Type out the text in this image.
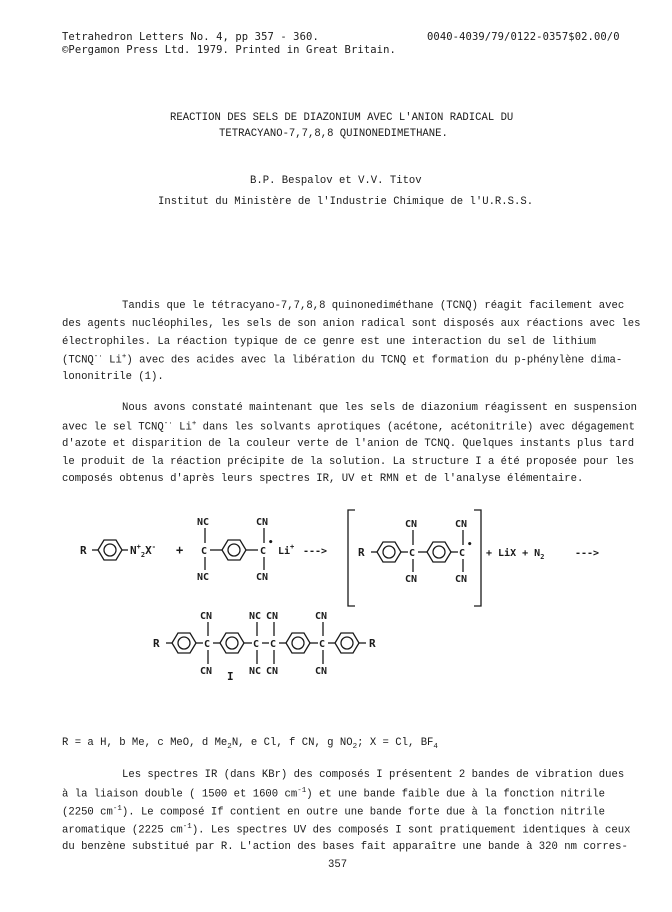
Tetrahedron Letters No. 4, pp 357 - 360.	0040-4039/79/0122-0357$02.00/0
©Pergamon Press Ltd. 1979. Printed in Great Britain.
REACTION DES SELS DE DIAZONIUM AVEC L'ANION RADICAL DU
TETRACYANO-7,7,8,8 QUINONEDIMETHANE.
B.P. Bespalov et V.V. Titov
Institut du Ministère de l'Industrie Chimique de l'U.R.S.S.
Tandis que le tétracyano-7,7,8,8 quinonediméthane (TCNQ) réagit facilement avec
des agents nucléophiles, les sels de son anion radical sont disposés aux réactions avec les
électrophiles. La réaction typique de ce genre est une interaction du sel de lithium
(TCNQ-· Li+) avec des acides avec la libération du TCNQ et formation du p-phénylène dima-
lononitrile (1).
Nous avons constaté maintenant que les sels de diazonium réagissent en suspension
avec le sel TCNQ-· Li+ dans les solvants aprotiques (acétone, acétonitrile) avec dégagement
d'azote et disparition de la couleur verte de l'anion de TCNQ. Quelques instants plus tard
le produit de la réaction précipite de la solution. La structure I a été proposée pour les
composés obtenus d'après leurs spectres IR, UV et RMN et de l'analyse élémentaire.
R	$N^+_2X^-$ +
NC
C
NC
CN
C
•
CN
Li+ --->	R
CN
C
CN
CN
C
•
CN
+ LiX + $N_2$	--->
R
CN
C
CN
NC
C
NC
CN
C
CN
CN
C
CN
R
I
R = a H, b Me, c MeO, d $Me_2N$, e Cl, f CN, g $NO_2$; X = Cl, $BF_4$
Les spectres IR (dans KBr) des composés I présentent 2 bandes de vibration dues
à la liaison double ( 1500 et 1600 $cm^{-1}$) et une bande faible due à la fonction nitrile
(2250 $cm^{-1}$). Le composé If contient en outre une bande forte due à la fonction nitrile
aromatique (2225 $cm^{-1}$). Les spectres UV des composés I sont pratiquement identiques à ceux
du benzène substitué par R. L'action des bases fait apparaître une bande à 320 nm corres-
357
